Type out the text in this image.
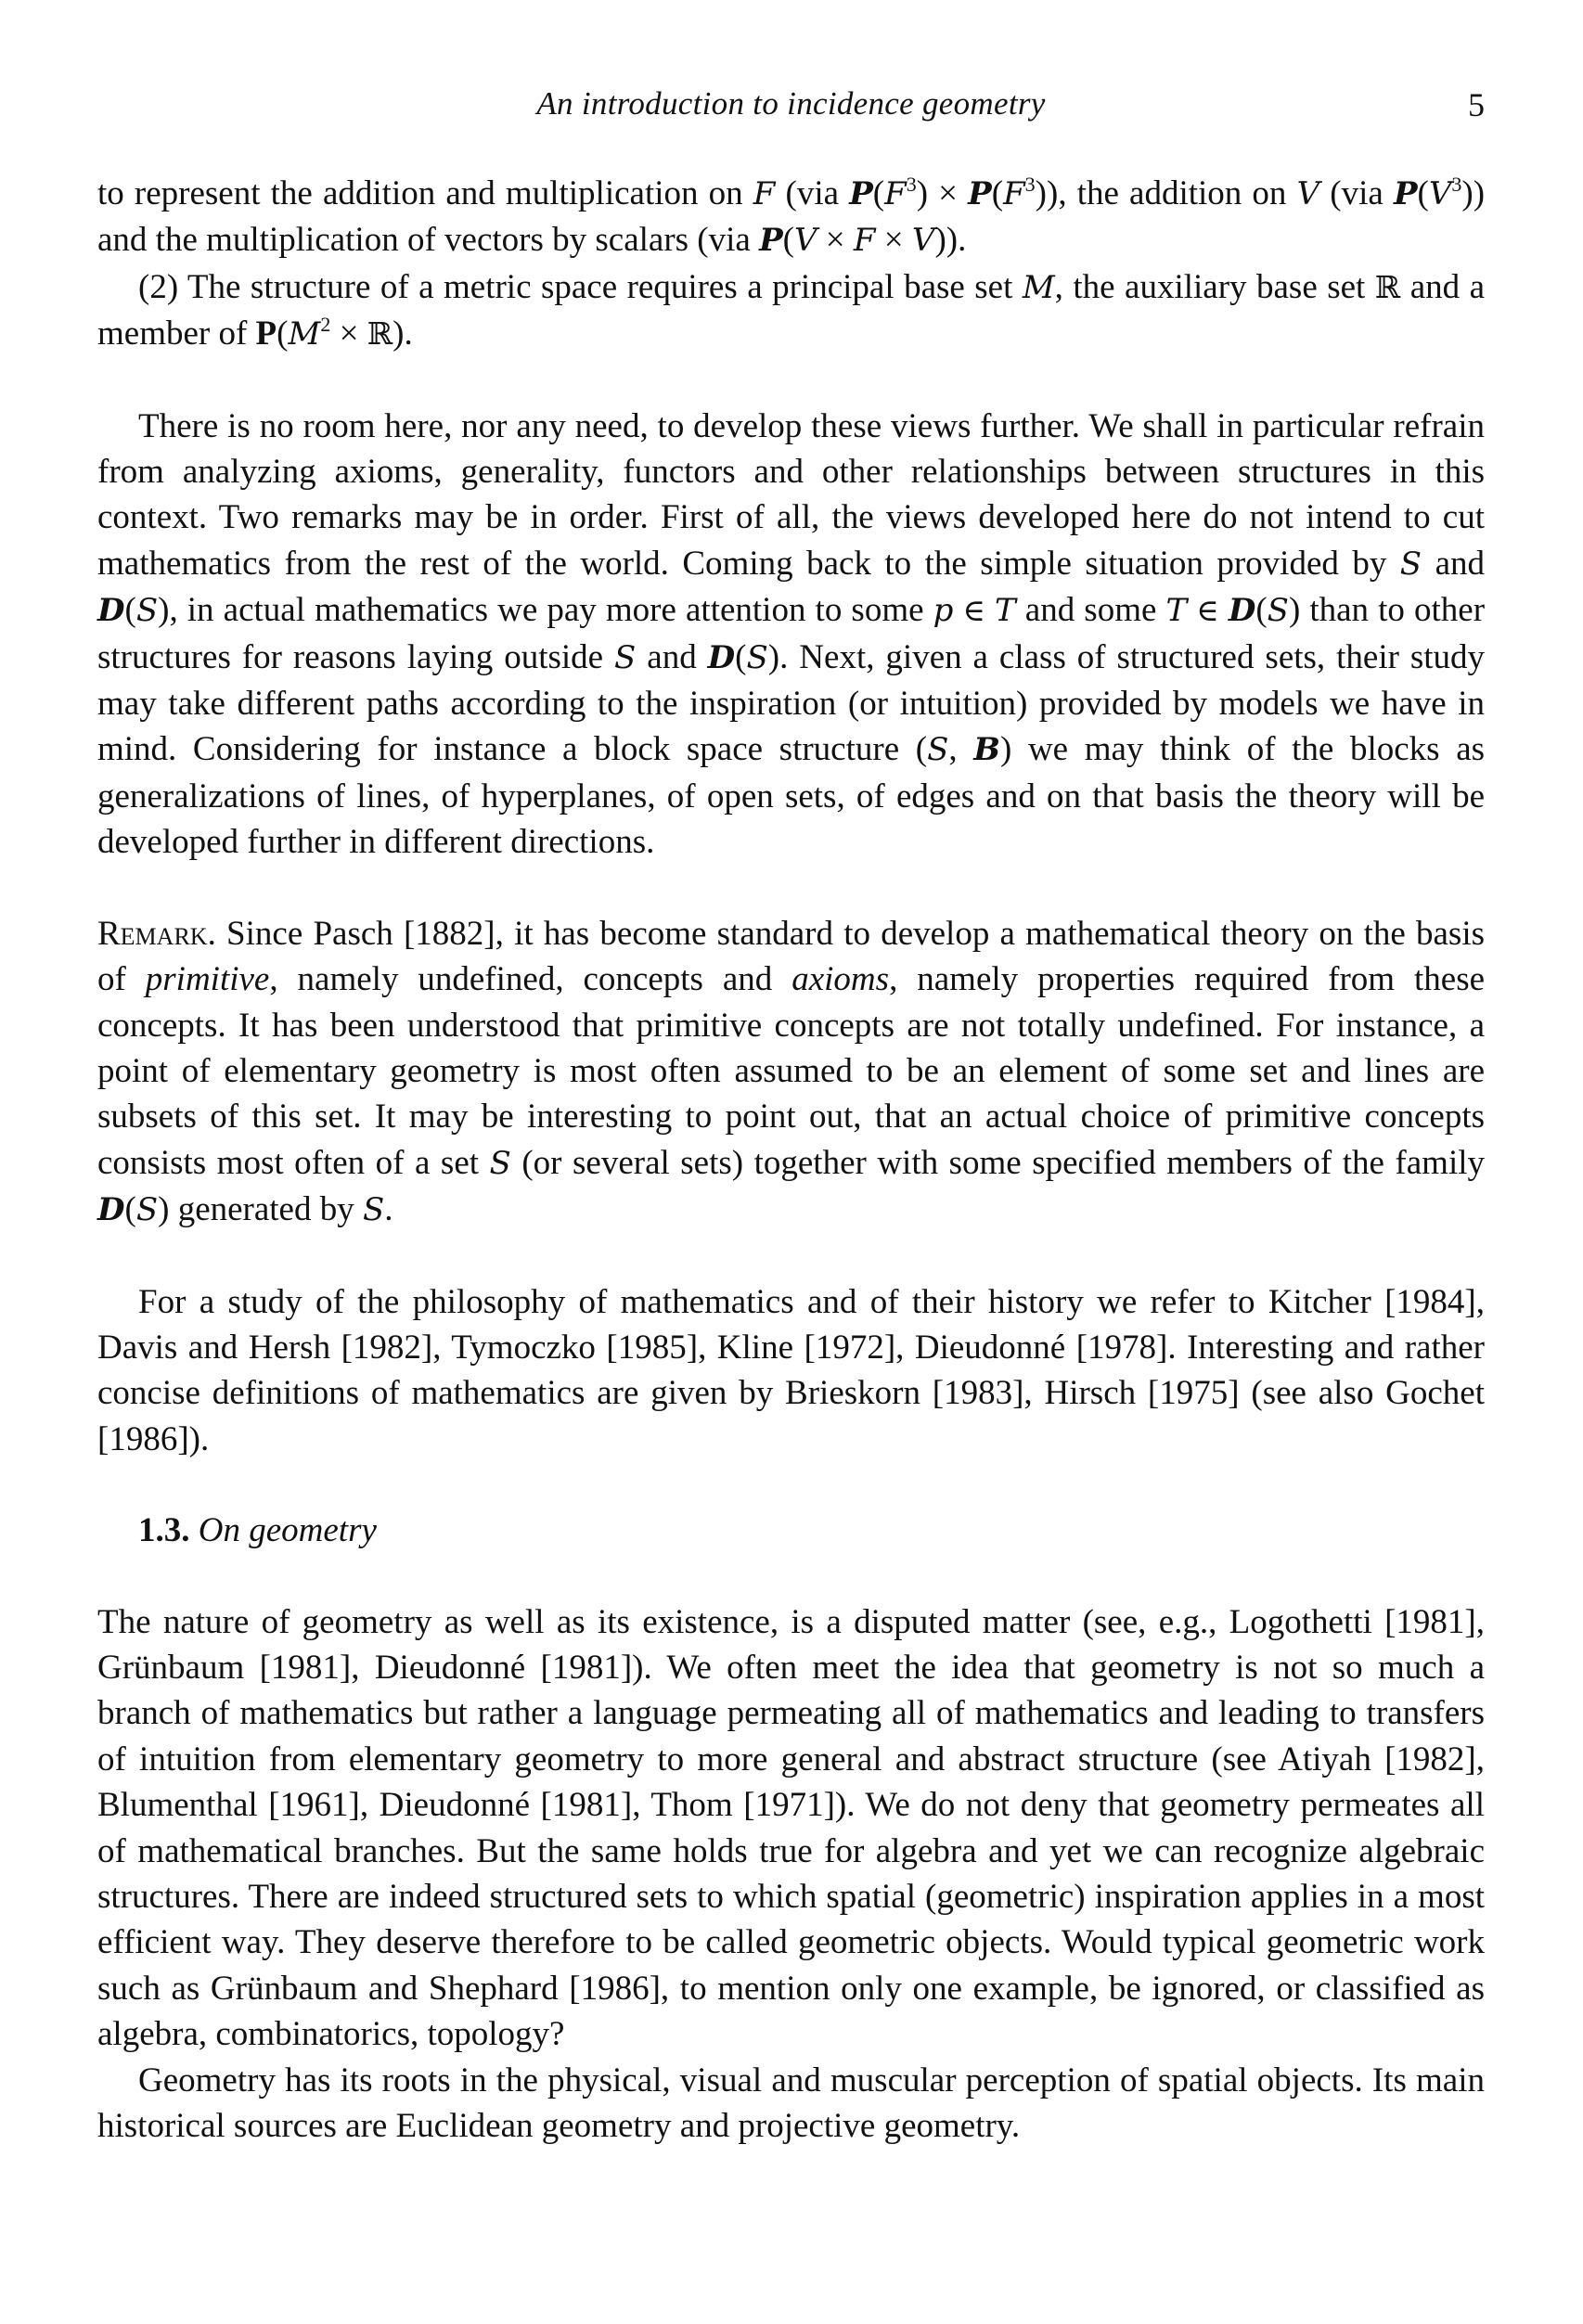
An introduction to incidence geometry	5

to represent the addition and multiplication on F (via $P(F^3) \times P(F^3)$), the addition on V (via $P(V^3)$) and the multiplication of vectors by scalars (via P(V × F × V)).

(2) The structure of a metric space requires a principal base set M, the auxiliary base set ℝ and a member of $P(M^2$ × ℝ).

There is no room here, nor any need, to develop these views further. We shall in particular refrain from analyzing axioms, generality, functors and other relationships between structures in this context. Two remarks may be in order. First of all, the views developed here do not intend to cut mathematics from the rest of the world. Coming back to the simple situation provided by S and D(S), in actual mathematics we pay more attention to some p ∈ T and some T ∈ D(S) than to other structures for reasons laying outside S and D(S). Next, given a class of structured sets, their study may take different paths according to the inspiration (or intuition) provided by models we have in mind. Considering for instance a block space structure (S, B) we may think of the blocks as generalizations of lines, of hyperplanes, of open sets, of edges and on that basis the theory will be developed further in different directions.

Remark. Since Pasch [1882], it has become standard to develop a mathematical theory on the basis of primitive, namely undefined, concepts and axioms, namely properties required from these concepts. It has been understood that primitive concepts are not totally undefined. For instance, a point of elementary geometry is most often assumed to be an element of some set and lines are subsets of this set. It may be interesting to point out, that an actual choice of primitive concepts consists most often of a set S (or several sets) together with some specified members of the family D(S) generated by S.

For a study of the philosophy of mathematics and of their history we refer to Kitcher [1984], Davis and Hersh [1982], Tymoczko [1985], Kline [1972], Dieudonné [1978]. Interesting and rather concise definitions of mathematics are given by Brieskorn [1983], Hirsch [1975] (see also Gochet [1986]).

1.3. On geometry

The nature of geometry as well as its existence, is a disputed matter (see, e.g., Logothetti [1981], Grünbaum [1981], Dieudonné [1981]). We often meet the idea that geometry is not so much a branch of mathematics but rather a language permeating all of mathematics and leading to transfers of intuition from elementary geometry to more general and abstract structure (see Atiyah [1982], Blumenthal [1961], Dieudonné [1981], Thom [1971]). We do not deny that geometry permeates all of mathematical branches. But the same holds true for algebra and yet we can recognize algebraic structures. There are indeed structured sets to which spatial (geometric) inspiration applies in a most efficient way. They deserve therefore to be called geometric objects. Would typical geometric work such as Grünbaum and Shephard [1986], to mention only one example, be ignored, or classified as algebra, combinatorics, topology?

Geometry has its roots in the physical, visual and muscular perception of spatial objects. Its main historical sources are Euclidean geometry and projective geometry.
